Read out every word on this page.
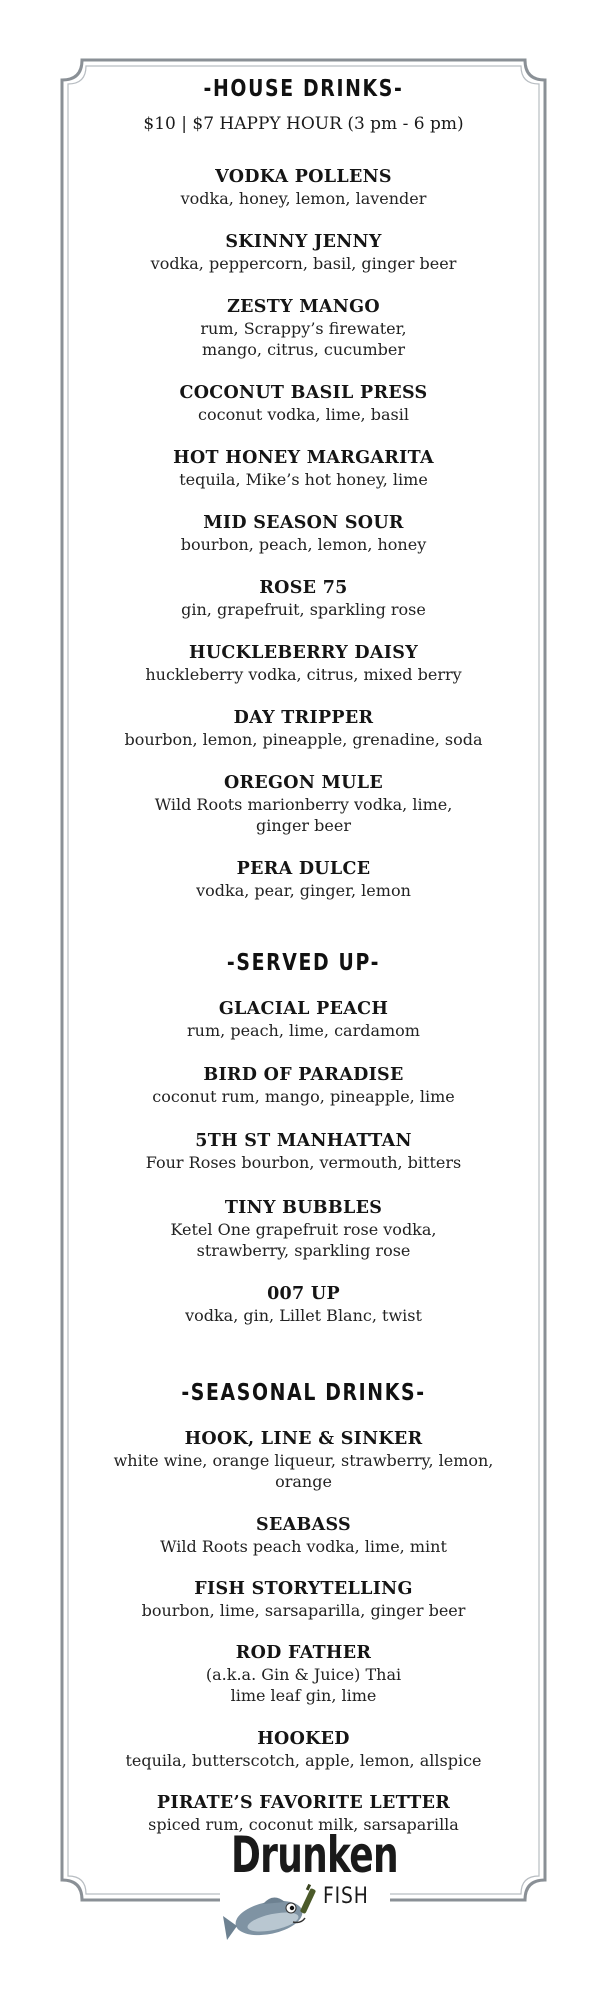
-HOUSE DRINKS-
$10 | $7 HAPPY HOUR (3 pm - 6 pm)
VODKA POLLENS
vodka, honey, lemon, lavender
SKINNY JENNY
vodka, peppercorn, basil, ginger beer
ZESTY MANGO
rum, Scrappy’s firewater, mango, citrus, cucumber
COCONUT BASIL PRESS
coconut vodka, lime, basil
HOT HONEY MARGARITA
tequila, Mike’s hot honey, lime
MID SEASON SOUR
bourbon, peach, lemon, honey
ROSE 75
gin, grapefruit, sparkling rose
HUCKLEBERRY DAISY
huckleberry vodka, citrus, mixed berry
DAY TRIPPER
bourbon, lemon, pineapple, grenadine, soda
OREGON MULE
Wild Roots marionberry vodka, lime, ginger beer
PERA DULCE
vodka, pear, ginger, lemon
-SERVED UP-
GLACIAL PEACH
rum, peach, lime, cardamom
BIRD OF PARADISE
coconut rum, mango, pineapple, lime
5TH ST MANHATTAN
Four Roses bourbon, vermouth, bitters
TINY BUBBLES
Ketel One grapefruit rose vodka, strawberry, sparkling rose
007 UP
vodka, gin, Lillet Blanc, twist
-SEASONAL DRINKS-
HOOK, LINE & SINKER
white wine, orange liqueur, strawberry, lemon, orange
SEABASS
Wild Roots peach vodka, lime, mint
FISH STORYTELLING
bourbon, lime, sarsaparilla, ginger beer
ROD FATHER
(a.k.a. Gin & Juice) Thai lime leaf gin, lime
HOOKED
tequila, butterscotch, apple, lemon, allspice
PIRATE’S FAVORITE LETTER
spiced rum, coconut milk, sarsaparilla
Drunken
FISH
